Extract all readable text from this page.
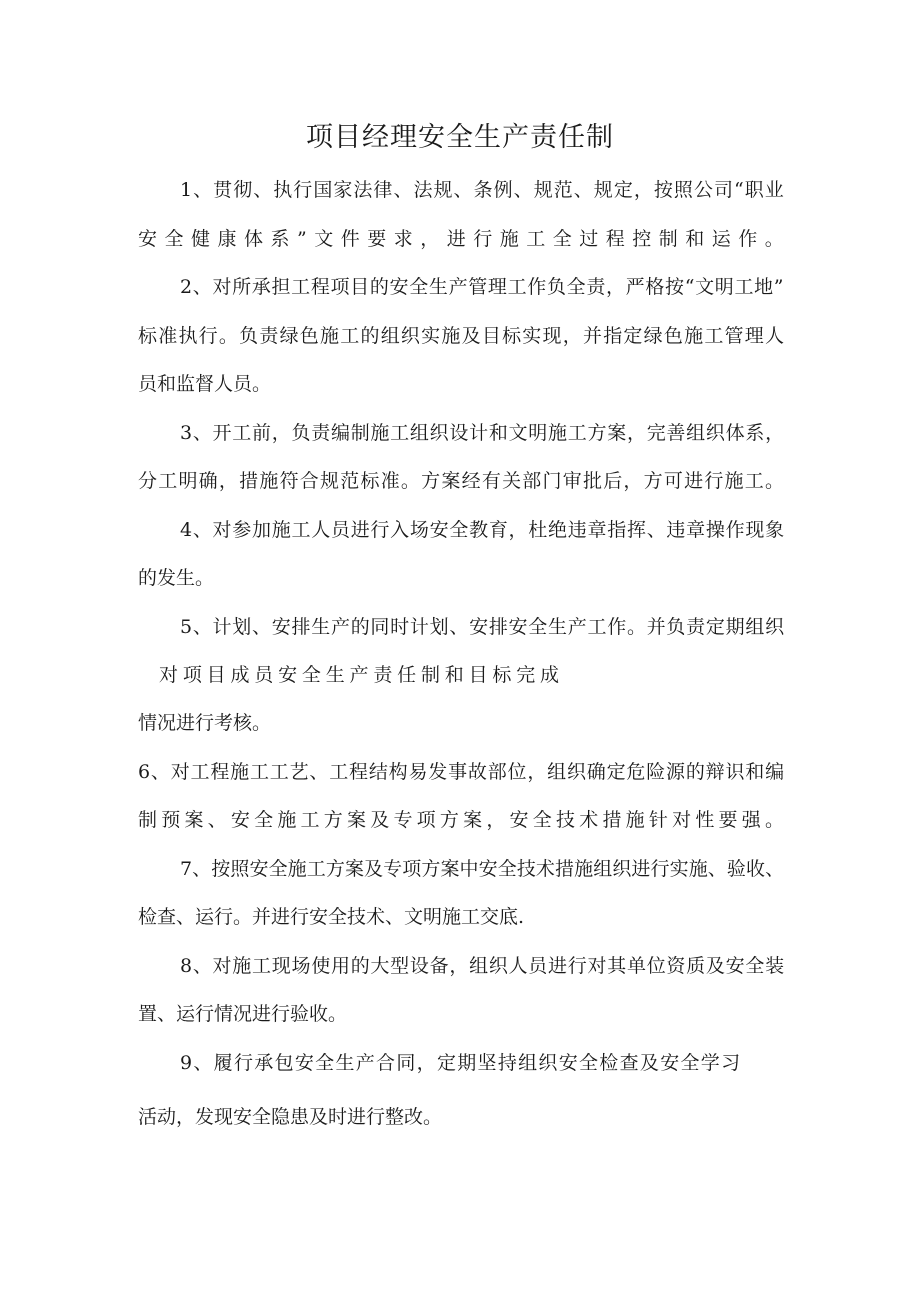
项目经理安全生产责任制
1、贯彻、执行国家法律、法规、条例、规范、规定，按照公司“职业
安全健康体系”文件要求，进行施工全过程控制和运作。
2、对所承担工程项目的安全生产管理工作负全责，严格按“文明工地”
标准执行。负责绿色施工的组织实施及目标实现，并指定绿色施工管理人
员和监督人员。
3、开工前，负责编制施工组织设计和文明施工方案，完善组织体系，
分工明确，措施符合规范标准。方案经有关部门审批后，方可进行施工。
4、对参加施工人员进行入场安全教育，杜绝违章指挥、违章操作现象
的发生。
5、计划、安排生产的同时计划、安排安全生产工作。并负责定期组织
对项目成员安全生产责任制和目标完成
情况进行考核。
6、对工程施工工艺、工程结构易发事故部位，组织确定危险源的辩识和编
制预案、安全施工方案及专项方案，安全技术措施针对性要强。
7、按照安全施工方案及专项方案中安全技术措施组织进行实施、验收、
检查、运行。并进行安全技术、文明施工交底.
8、对施工现场使用的大型设备，组织人员进行对其单位资质及安全装
置、运行情况进行验收。
9、履行承包安全生产合同，定期坚持组织安全检查及安全学习
活动，发现安全隐患及时进行整改。
